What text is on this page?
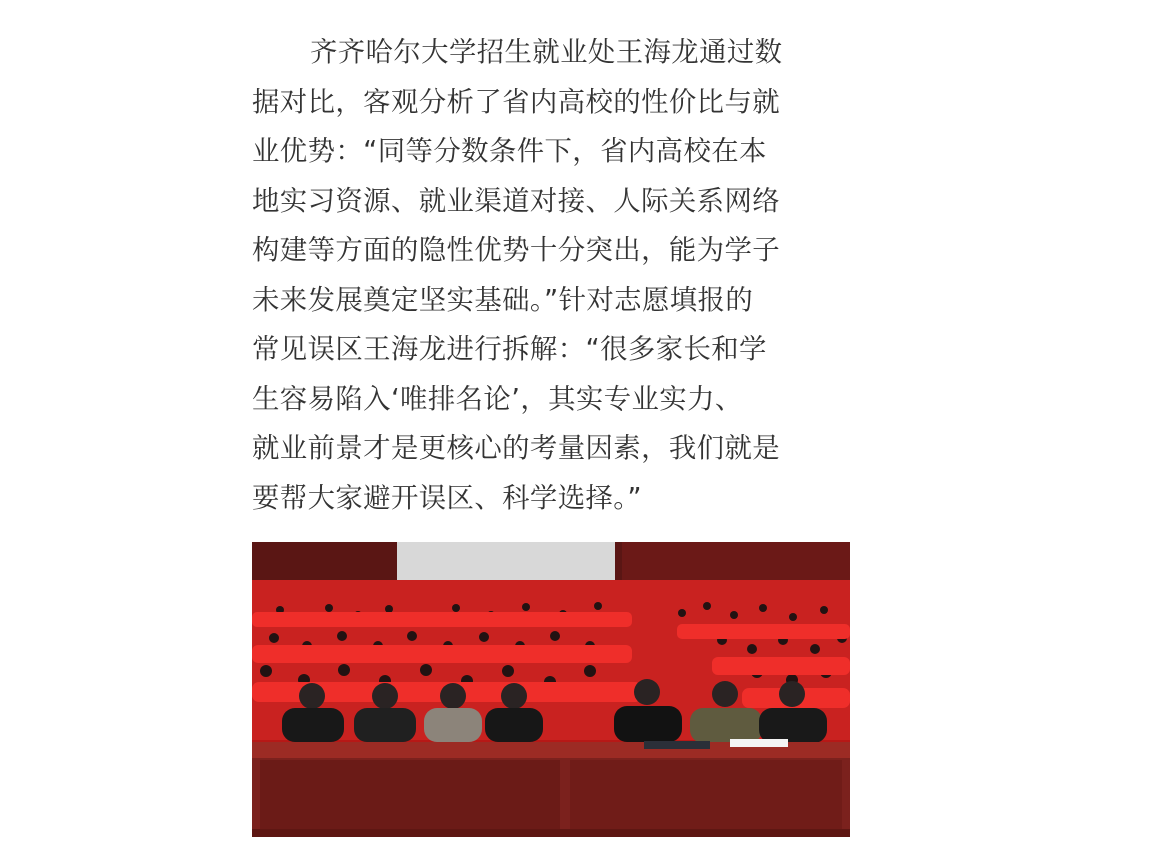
齐齐哈尔大学招生就业处王海龙通过数
据对比，客观分析了省内高校的性价比与就
业优势：“同等分数条件下，省内高校在本
地实习资源、就业渠道对接、人际关系网络
构建等方面的隐性优势十分突出，能为学子
未来发展奠定坚实基础。”针对志愿填报的
常见误区王海龙进行拆解：“很多家长和学
生容易陷入‘唯排名论’，其实专业实力、
就业前景才是更核心的考量因素，我们就是
要帮大家避开误区、科学选择。”
